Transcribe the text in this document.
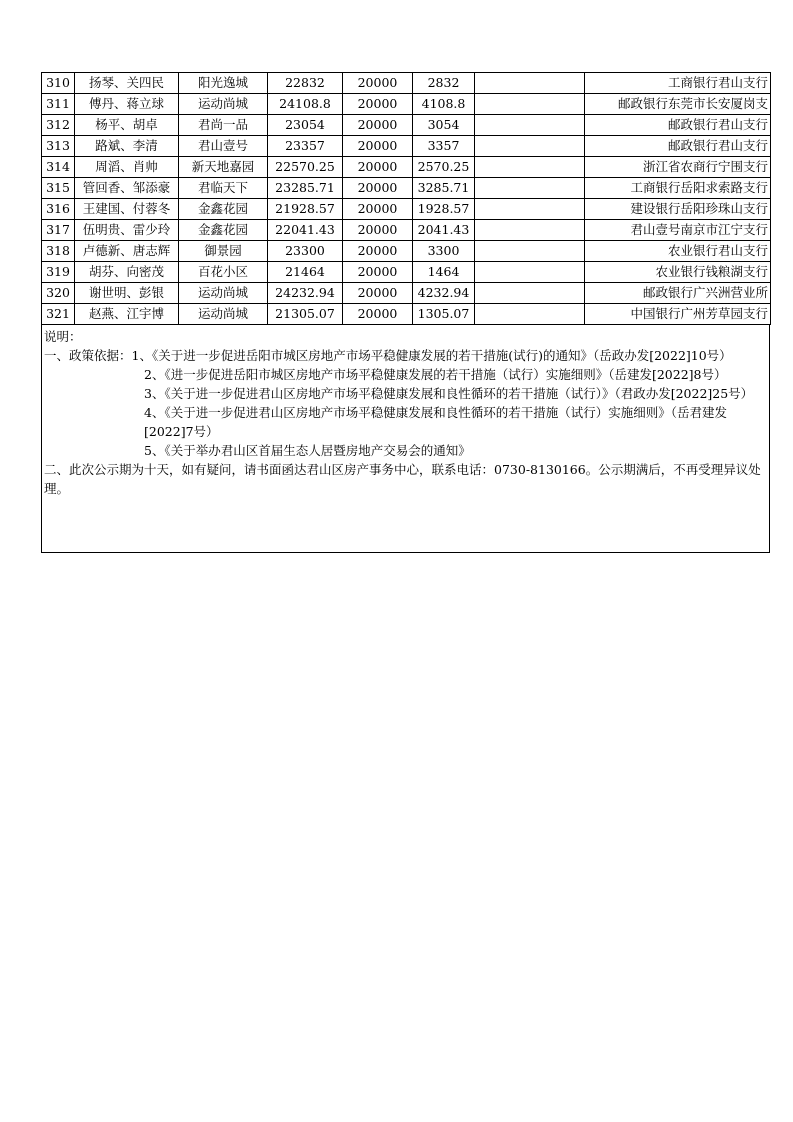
310	扬琴、关四民	阳光逸城	22832	20000	2832		工商银行君山支行
311	傅丹、蒋立球	运动尚城	24108.8	20000	4108.8		邮政银行东莞市长安厦岗支
312	杨平、胡卓	君尚一品	23054	20000	3054		邮政银行君山支行
313	路斌、李清	君山壹号	23357	20000	3357		邮政银行君山支行
314	周滔、肖帅	新天地嘉园	22570.25	20000	2570.25		浙江省农商行宁围支行
315	管回香、邹添豪	君临天下	23285.71	20000	3285.71		工商银行岳阳求索路支行
316	王建国、付蓉冬	金鑫花园	21928.57	20000	1928.57		建设银行岳阳珍珠山支行
317	伍明贵、雷少玲	金鑫花园	22041.43	20000	2041.43		君山壹号南京市江宁支行
318	卢德新、唐志辉	御景园	23300	20000	3300		农业银行君山支行
319	胡芬、向密茂	百花小区	21464	20000	1464		农业银行钱粮湖支行
320	谢世明、彭银	运动尚城	24232.94	20000	4232.94		邮政银行广兴洲营业所
321	赵燕、江宇博	运动尚城	21305.07	20000	1305.07		中国银行广州芳草园支行

说明：

一、政策依据：1、《关于进一步促进岳阳市城区房地产市场平稳健康发展的若干措施(试行)的通知》（岳政办发[2022]10号）

2、《进一步促进岳阳市城区房地产市场平稳健康发展的若干措施（试行）实施细则》（岳建发[2022]8号）

3、《关于进一步促进君山区房地产市场平稳健康发展和良性循环的若干措施（试行）》（君政办发[2022]25号）

4、《关于进一步促进君山区房地产市场平稳健康发展和良性循环的若干措施（试行）实施细则》（岳君建发[2022]7号）

5、《关于举办君山区首届生态人居暨房地产交易会的通知》

二、此次公示期为十天，如有疑问，请书面函达君山区房产事务中心，联系电话：0730-8130166。公示期满后，不再受理异议处理。
